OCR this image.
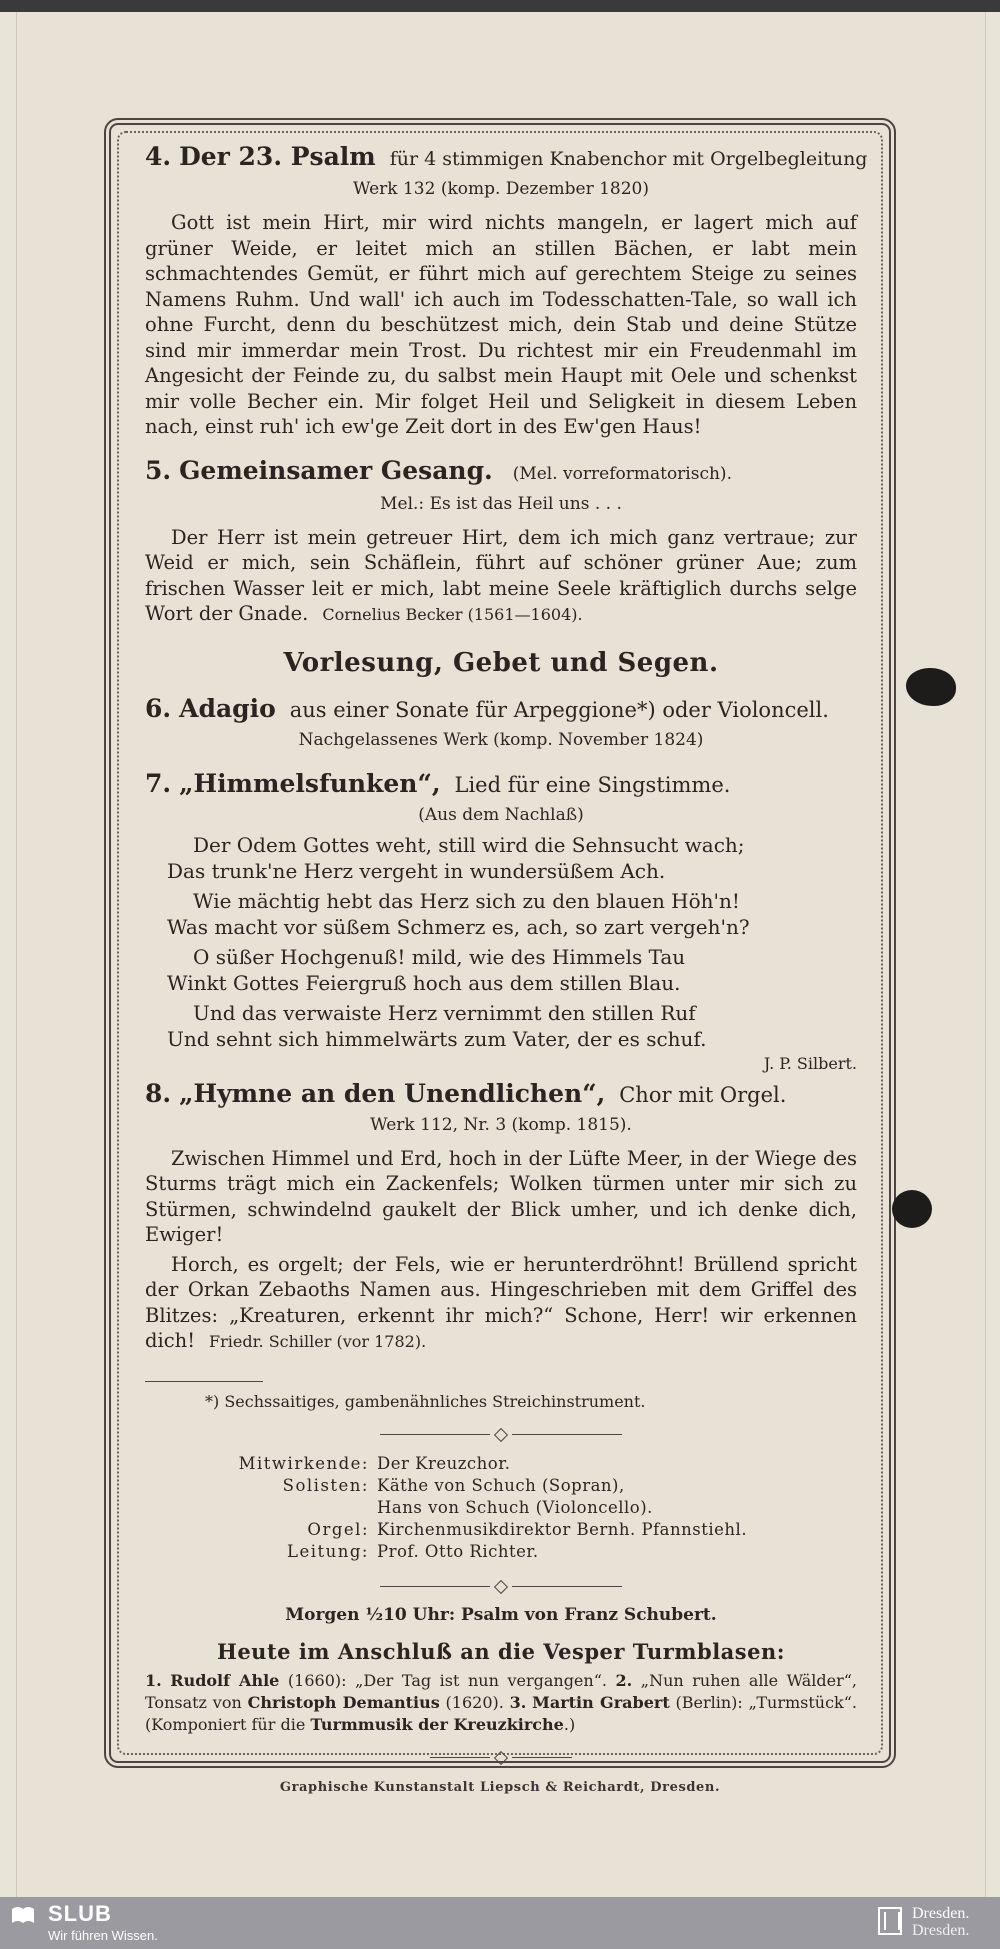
4. Der 23. Psalm für 4 stimmigen Knabenchor mit Orgelbegleitung
Werk 132 (komp. Dezember 1820)

Gott ist mein Hirt, mir wird nichts mangeln, er lagert mich auf grüner Weide, er leitet mich an stillen Bächen, er labt mein schmachtendes Gemüt, er führt mich auf gerechtem Steige zu seines Namens Ruhm. Und wall' ich auch im Todesschatten-Tale, so wall ich ohne Furcht, denn du beschützest mich, dein Stab und deine Stütze sind mir immerdar mein Trost. Du richtest mir ein Freudenmahl im Angesicht der Feinde zu, du salbst mein Haupt mit Oele und schenkst mir volle Becher ein. Mir folget Heil und Seligkeit in diesem Leben nach, einst ruh' ich ew'ge Zeit dort in des Ew'gen Haus!

5. Gemeinsamer Gesang. (Mel. vorreformatorisch).
Mel.: Es ist das Heil uns . . .

Der Herr ist mein getreuer Hirt, dem ich mich ganz vertraue; zur Weid er mich, sein Schäflein, führt auf schöner grüner Aue; zum frischen Wasser leit er mich, labt meine Seele kräftiglich durchs selge Wort der Gnade. Cornelius Becker (1561—1604).

Vorlesung, Gebet und Segen.
6. Adagio aus einer Sonate für Arpeggione*) oder Violoncell.
Nachgelassenes Werk (komp. November 1824)
7. „Himmelsfunken“, Lied für eine Singstimme.
(Aus dem Nachlaß)
Der Odem Gottes weht, still wird die Sehnsucht wach;
Das trunk'ne Herz vergeht in wundersüßem Ach.
Wie mächtig hebt das Herz sich zu den blauen Höh'n!
Was macht vor süßem Schmerz es, ach, so zart vergeh'n?
O süßer Hochgenuß! mild, wie des Himmels Tau
Winkt Gottes Feiergruß hoch aus dem stillen Blau.
Und das verwaiste Herz vernimmt den stillen Ruf
Und sehnt sich himmelwärts zum Vater, der es schuf.
J. P. Silbert.
8. „Hymne an den Unendlichen“, Chor mit Orgel.
Werk 112, Nr. 3 (komp. 1815).

Zwischen Himmel und Erd, hoch in der Lüfte Meer, in der Wiege des Sturms trägt mich ein Zackenfels; Wolken türmen unter mir sich zu Stürmen, schwindelnd gaukelt der Blick umher, und ich denke dich, Ewiger!

Horch, es orgelt; der Fels, wie er herunterdröhnt! Brüllend spricht der Orkan Zebaoths Namen aus. Hingeschrieben mit dem Griffel des Blitzes: „Kreaturen, erkennt ihr mich?“ Schone, Herr! wir erkennen dich! Friedr. Schiller (vor 1782).

*) Sechssaitiges, gambenähnliches Streichinstrument.
Mitwirkende: Der Kreuzchor.
Solisten: Käthe von Schuch (Sopran),
Hans von Schuch (Violoncello).
Orgel: Kirchenmusikdirektor Bernh. Pfannstiehl.
Leitung: Prof. Otto Richter.
Morgen ½10 Uhr: Psalm von Franz Schubert.
Heute im Anschluß an die Vesper Turmblasen:
1. Rudolf Ahle (1660): „Der Tag ist nun vergangen“. 2. „Nun ruhen alle Wälder“, Tonsatz von Christoph Demantius (1620). 3. Martin Grabert (Berlin): „Turmstück“. (Komponiert für die Turmmusik der Kreuzkirche.)
Graphische Kunstanstalt Liepsch & Reichardt, Dresden.
SLUB
Wir führen Wissen.
Dresden.
Dresden.
